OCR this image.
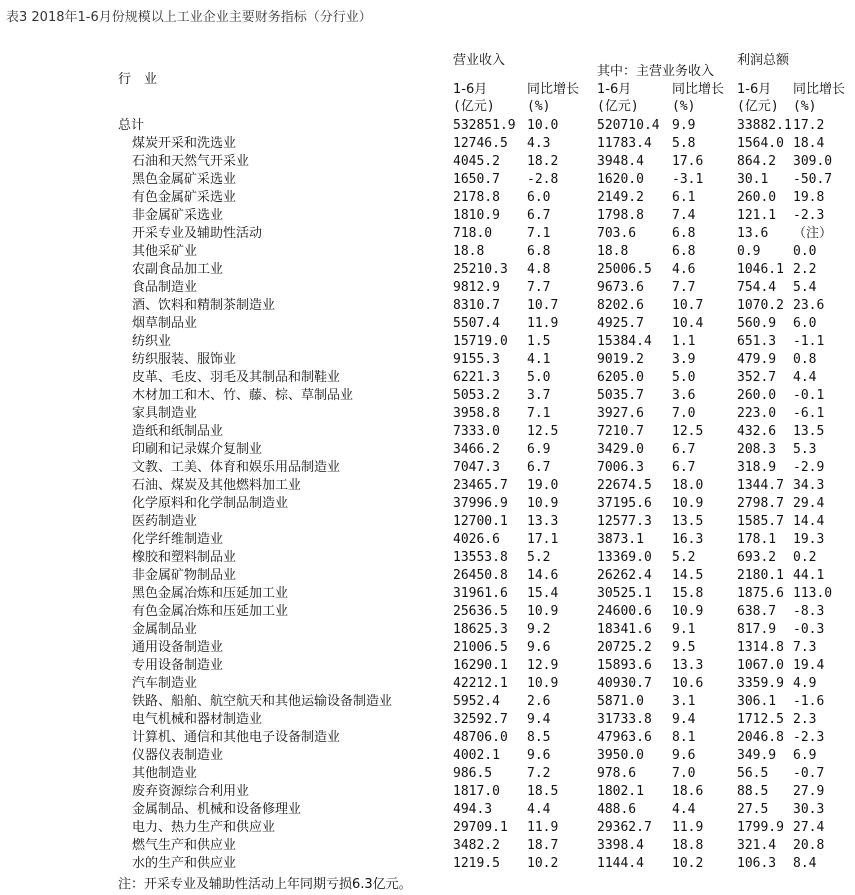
表3 2018年1-6月份规模以上工业企业主要财务指标（分行业）
行　业
营业收入
其中：主营业务收入
利润总额
1-6月	同比增长 1-6月	同比增长 1-6月 同比增长
(亿元) (%)	(亿元)	(%)	(亿元) (%)
总计	532851.9 10.0	520710.4 9.9	33882.1 17.2
煤炭开采和洗选业	12746.5 4.3	11783.4 5.8	1564.0 18.4
石油和天然气开采业	4045.2 18.2	3948.4 17.6	864.2 309.0
黑色金属矿采选业	1650.7 -2.8	1620.0 -3.1	30.1 -50.7
有色金属矿采选业	2178.8 6.0	2149.2 6.1	260.0 19.8
非金属矿采选业	1810.9 6.7	1798.8 7.4	121.1 -2.3
开采专业及辅助性活动	718.0	7.1	703.6	6.8	13.6 （注）
其他采矿业	18.8	6.8	18.8	6.8	0.9	0.0
农副食品加工业	25210.3 4.8	25006.5 4.6	1046.1 2.2
食品制造业	9812.9 7.7	9673.6 7.7	754.4 5.4
酒、饮料和精制茶制造业	8310.7 10.7	8202.6 10.7	1070.2 23.6
烟草制品业	5507.4 11.9	4925.7 10.4	560.9 6.0
纺织业	15719.0 1.5	15384.4 1.1	651.3 -1.1
纺织服装、服饰业	9155.3 4.1	9019.2 3.9	479.9 0.8
皮革、毛皮、羽毛及其制品和制鞋业	6221.3 5.0	6205.0 5.0	352.7 4.4
木材加工和木、竹、藤、棕、草制品业	5053.2 3.7	5035.7 3.6	260.0 -0.1
家具制造业	3958.8 7.1	3927.6 7.0	223.0 -6.1
造纸和纸制品业	7333.0 12.5	7210.7 12.5	432.6 13.5
印刷和记录媒介复制业	3466.2 6.9	3429.0 6.7	208.3 5.3
文教、工美、体育和娱乐用品制造业	7047.3 6.7	7006.3 6.7	318.9 -2.9
石油、煤炭及其他燃料加工业	23465.7 19.0	22674.5 18.0	1344.7 34.3
化学原料和化学制品制造业	37996.9 10.9	37195.6 10.9	2798.7 29.4
医药制造业	12700.1 13.3	12577.3 13.5	1585.7 14.4
化学纤维制造业	4026.6 17.1	3873.1 16.3	178.1 19.3
橡胶和塑料制品业	13553.8 5.2	13369.0 5.2	693.2 0.2
非金属矿物制品业	26450.8 14.6	26262.4 14.5	2180.1 44.1
黑色金属冶炼和压延加工业	31961.6 15.4	30525.1 15.8	1875.6 113.0
有色金属冶炼和压延加工业	25636.5 10.9	24600.6 10.9	638.7 -8.3
金属制品业	18625.3 9.2	18341.6 9.1	817.9 -0.3
通用设备制造业	21006.5 9.6	20725.2 9.5	1314.8 7.3
专用设备制造业	16290.1 12.9	15893.6 13.3	1067.0 19.4
汽车制造业	42212.1 10.9	40930.7 10.6	3359.9 4.9
铁路、船舶、航空航天和其他运输设备制造业	5952.4 2.6	5871.0 3.1	306.1 -1.6
电气机械和器材制造业	32592.7 9.4	31733.8 9.4	1712.5 2.3
计算机、通信和其他电子设备制造业	48706.0 8.5	47963.6 8.1	2046.8 -2.3
仪器仪表制造业	4002.1 9.6	3950.0 9.6	349.9 6.9
其他制造业	986.5	7.2	978.6	7.0	56.5 -0.7
废弃资源综合利用业	1817.0 18.5	1802.1 18.6	88.5 27.9
金属制品、机械和设备修理业	494.3	4.4	488.6	4.4	27.5 30.3
电力、热力生产和供应业	29709.1 11.9	29362.7 11.9	1799.9 27.4
燃气生产和供应业	3482.2 18.7	3398.4 18.8	321.4 20.8
水的生产和供应业	1219.5 10.2	1144.4 10.2	106.3 8.4
注：开采专业及辅助性活动上年同期亏损6.3亿元。
